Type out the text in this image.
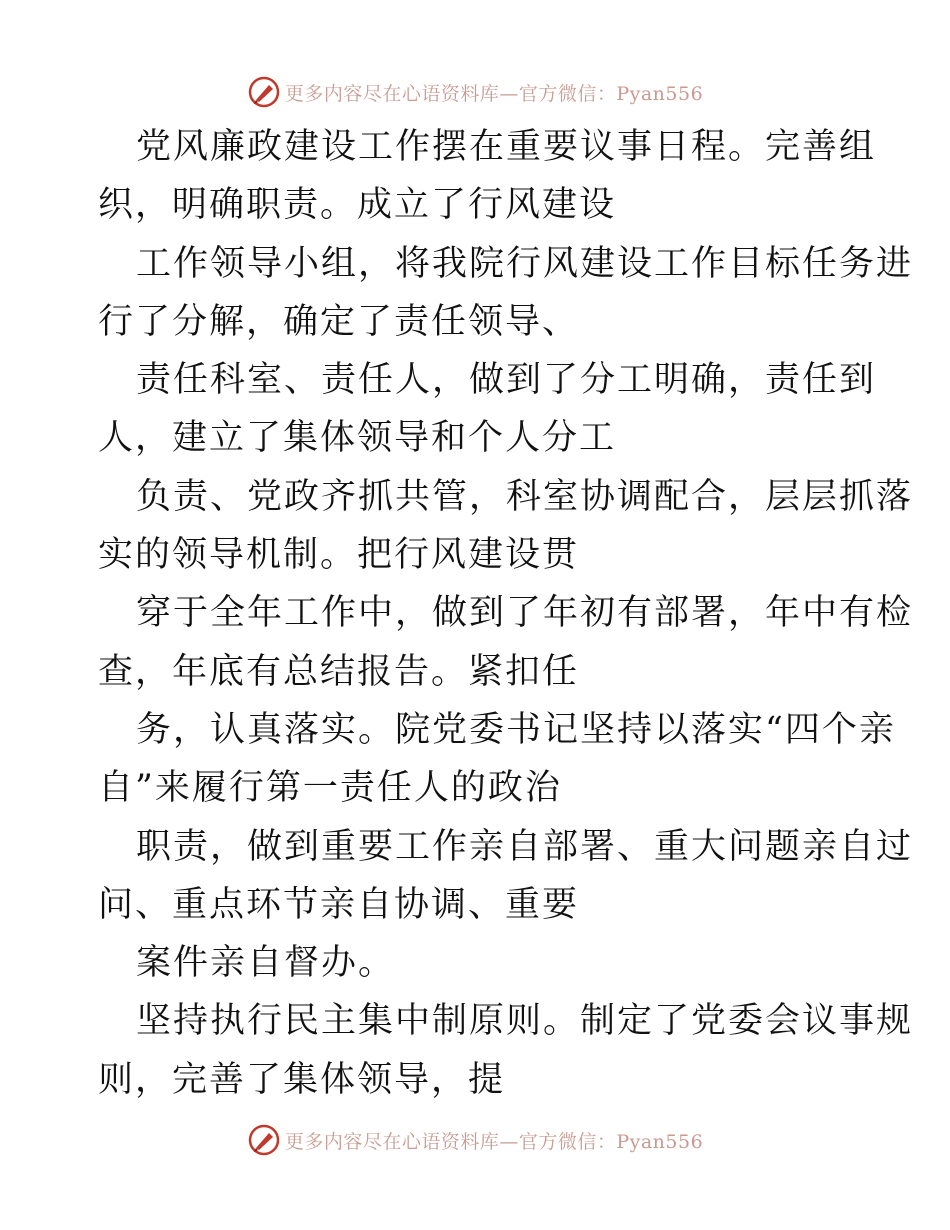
更多内容尽在心语资料库—官方微信：Pyan556
党风廉政建设工作摆在重要议事日程。完善组
织，明确职责。成立了行风建设
工作领导小组，将我院行风建设工作目标任务进
行了分解，确定了责任领导、
责任科室、责任人，做到了分工明确，责任到
人，建立了集体领导和个人分工
负责、党政齐抓共管，科室协调配合，层层抓落
实的领导机制。把行风建设贯
穿于全年工作中，做到了年初有部署，年中有检
查，年底有总结报告。紧扣任
务，认真落实。院党委书记坚持以落实“四个亲
自”来履行第一责任人的政治
职责，做到重要工作亲自部署、重大问题亲自过
问、重点环节亲自协调、重要
案件亲自督办。
坚持执行民主集中制原则。制定了党委会议事规
则，完善了集体领导，提
更多内容尽在心语资料库—官方微信：Pyan556
